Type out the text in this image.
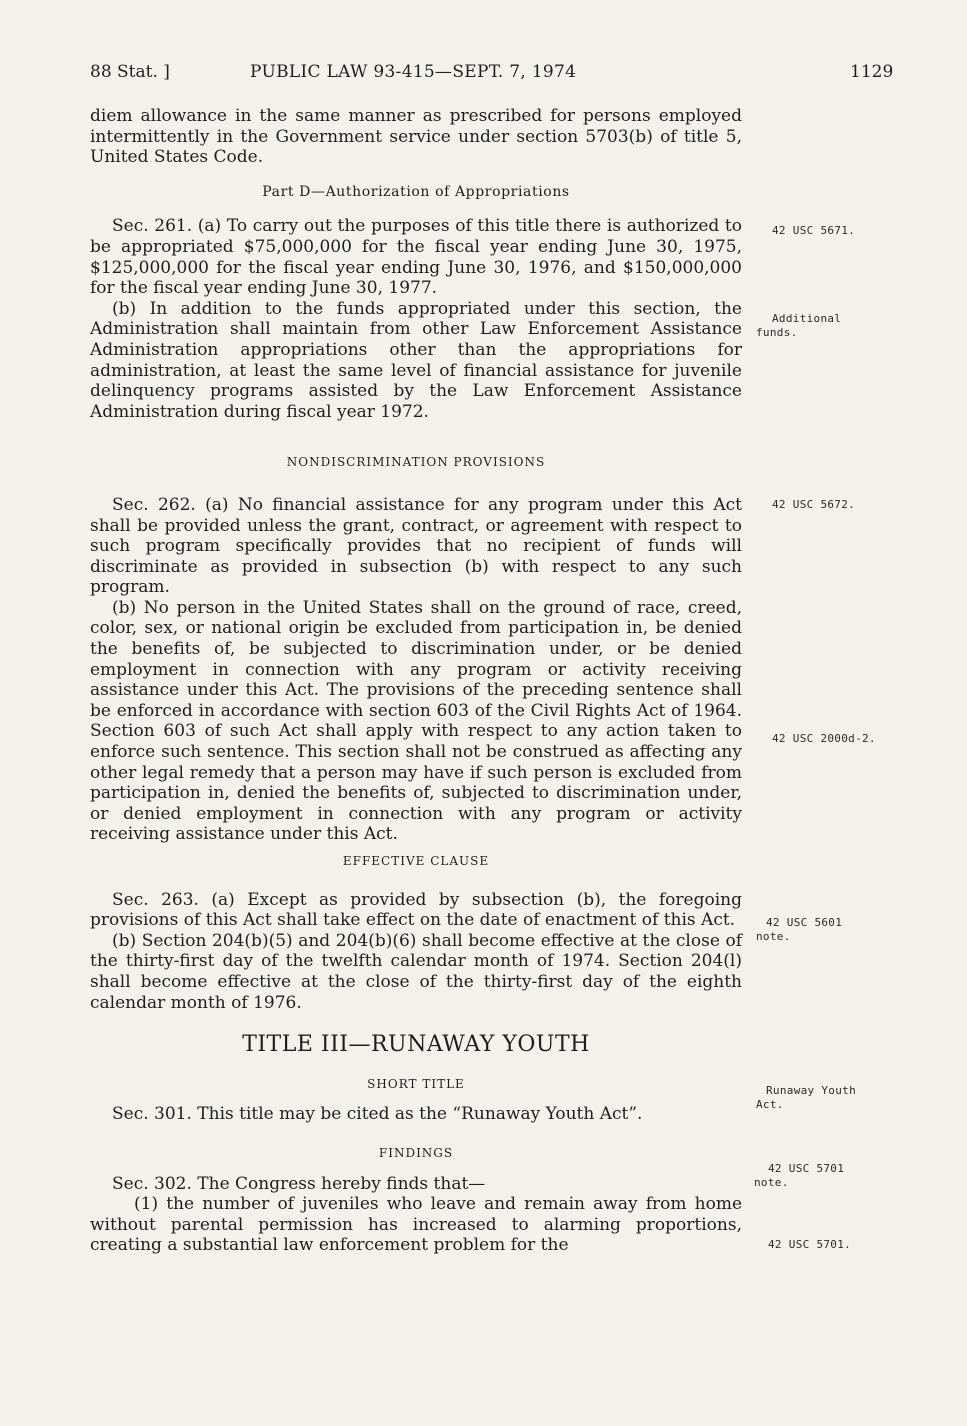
88 Stat. ]	PUBLIC LAW 93-415—SEPT. 7, 1974	1129

diem allowance in the same manner as prescribed for persons employed intermittently in the Government service under section 5703(b) of title 5, United States Code.

Part D—Authorization of Appropriations

Sec. 261. (a) To carry out the purposes of this title there is authorized to be appropriated $75,000,000 for the fiscal year ending June 30, 1975, $125,000,000 for the fiscal year ending June 30, 1976, and $150,000,000 for the fiscal year ending June 30, 1977.

(b) In addition to the funds appropriated under this section, the Administration shall maintain from other Law Enforcement Assistance Administration appropriations other than the appropriations for administration, at least the same level of financial assistance for juvenile delinquency programs assisted by the Law Enforcement Assistance Administration during fiscal year 1972.

NONDISCRIMINATION PROVISIONS

Sec. 262. (a) No financial assistance for any program under this Act shall be provided unless the grant, contract, or agreement with respect to such program specifically provides that no recipient of funds will discriminate as provided in subsection (b) with respect to any such program.

(b) No person in the United States shall on the ground of race, creed, color, sex, or national origin be excluded from participation in, be denied the benefits of, be subjected to discrimination under, or be denied employment in connection with any program or activity receiving assistance under this Act. The provisions of the preceding sentence shall be enforced in accordance with section 603 of the Civil Rights Act of 1964. Section 603 of such Act shall apply with respect to any action taken to enforce such sentence. This section shall not be construed as affecting any other legal remedy that a person may have if such person is excluded from participation in, denied the benefits of, subjected to discrimination under, or denied employment in connection with any program or activity receiving assistance under this Act.

EFFECTIVE CLAUSE

Sec. 263. (a) Except as provided by subsection (b), the foregoing provisions of this Act shall take effect on the date of enactment of this Act.

(b) Section 204(b)(5) and 204(b)(6) shall become effective at the close of the thirty-first day of the twelfth calendar month of 1974. Section 204(l) shall become effective at the close of the thirty-first day of the eighth calendar month of 1976.

TITLE III—RUNAWAY YOUTH

SHORT TITLE

Sec. 301. This title may be cited as the “Runaway Youth Act”.

FINDINGS

Sec. 302. The Congress hereby finds that—

(1) the number of juveniles who leave and remain away from home without parental permission has increased to alarming proportions, creating a substantial law enforcement problem for the

42 USC 5671.
Additional
funds.
42 USC 5672.
42 USC 2000d-2.
42 USC 5601
note.
Runaway Youth
Act.
42 USC 5701
note.
42 USC 5701.
